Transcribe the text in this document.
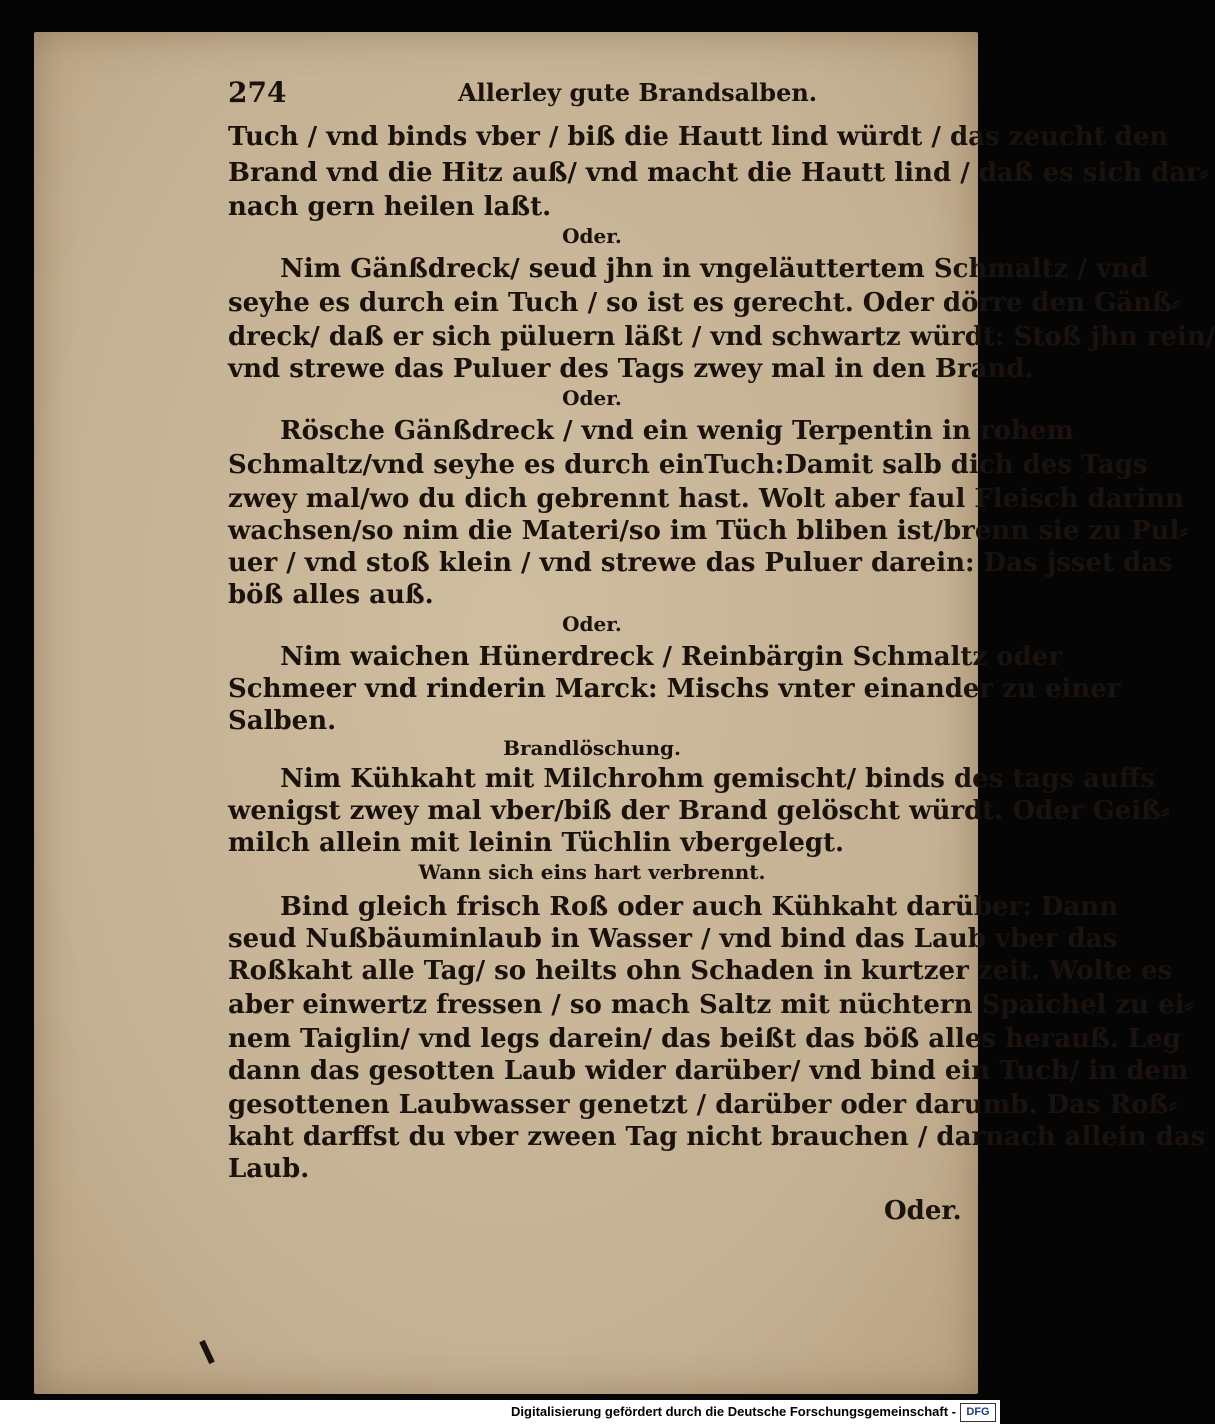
274	Allerley gute Brandsalben.
Tuch / vnd binds vber / biß die Hautt lind würdt / das zeucht den
Brand vnd die Hitz auß/ vnd macht die Hautt lind / daß es sich dar⸗
nach gern heilen laßt.
Oder.
Nim Gänßdreck/ seud jhn in vngeläuttertem Schmaltz / vnd
seyhe es durch ein Tuch / so ist es gerecht. Oder dörre den Gänß⸗
dreck/ daß er sich püluern läßt / vnd schwartz würdt: Stoß jhn rein/
vnd strewe das Puluer des Tags zwey mal in den Brand.
Oder.
Rösche Gänßdreck / vnd ein wenig Terpentin in rohem
Schmaltz/vnd seyhe es durch einTuch:Damit salb dich des Tags
zwey mal/wo du dich gebrennt hast. Wolt aber faul Fleisch darinn
wachsen/so nim die Materi/so im Tüch bliben ist/brenn sie zu Pul⸗
uer / vnd stoß klein / vnd strewe das Puluer darein: Das jsset das
böß alles auß.
Oder.
Nim waichen Hünerdreck / Reinbärgin Schmaltz oder
Schmeer vnd rinderin Marck: Mischs vnter einander zu einer
Salben.
Brandlöschung.
Nim Kühkaht mit Milchrohm gemischt/ binds des tags auffs
wenigst zwey mal vber/biß der Brand gelöscht würdt. Oder Geiß⸗
milch allein mit leinin Tüchlin vbergelegt.
Wann sich eins hart verbrennt.
Bind gleich frisch Roß oder auch Kühkaht darüber: Dann
seud Nußbäuminlaub in Wasser / vnd bind das Laub vber das
Roßkaht alle Tag/ so heilts ohn Schaden in kurtzer zeit. Wolte es
aber einwertz fressen / so mach Saltz mit nüchtern Spaichel zu ei⸗
nem Taiglin/ vnd legs darein/ das beißt das böß alles herauß. Leg
dann das gesotten Laub wider darüber/ vnd bind ein Tuch/ in dem
gesottenen Laubwasser genetzt / darüber oder darumb. Das Roß⸗
kaht darffst du vber zween Tag nicht brauchen / darnach allein das
Laub.
Oder.
Digitalisierung gefördert durch die Deutsche Forschungsgemeinschaft - DFG
